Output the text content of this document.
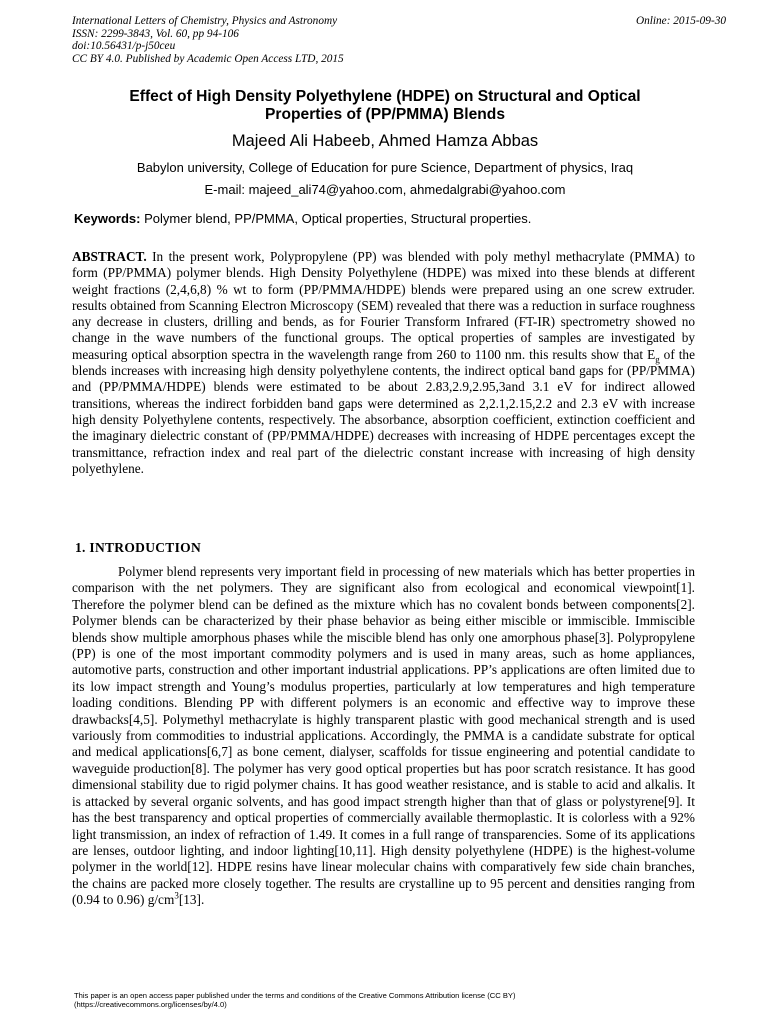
International Letters of Chemistry, Physics and Astronomy
ISSN: 2299-3843, Vol. 60, pp 94-106
doi:10.56431/p-j50ceu
CC BY 4.0. Published by Academic Open Access LTD, 2015
Online: 2015-09-30
Effect of High Density Polyethylene (HDPE) on Structural and Optical
Properties of (PP/PMMA) Blends
Majeed Ali Habeeb, Ahmed Hamza Abbas
Babylon university, College of Education for pure Science, Department of physics, Iraq
E-mail: majeed_ali74@yahoo.com, ahmedalgrabi@yahoo.com
Keywords: Polymer blend, PP/PMMA, Optical properties, Structural properties.
ABSTRACT. In the present work, Polypropylene (PP) was blended with poly methyl methacrylate (PMMA) to form (PP/PMMA) polymer blends. High Density Polyethylene (HDPE) was mixed into these blends at different weight fractions (2,4,6,8) % wt to form (PP/PMMA/HDPE) blends were prepared using an one screw extruder. results obtained from Scanning Electron Microscopy (SEM) revealed that there was a reduction in surface roughness any decrease in clusters, drilling and bends, as for Fourier Transform Infrared (FT-IR) spectrometry showed no change in the wave numbers of the functional groups. The optical properties of samples are investigated by measuring optical absorption spectra in the wavelength range from 260 to 1100 nm. this results show that $E_g$ of the blends increases with increasing high density polyethylene contents, the indirect optical band gaps for (PP/PMMA) and (PP/PMMA/HDPE) blends were estimated to be about 2.83,2.9,2.95,3and 3.1 eV for indirect allowed transitions, whereas the indirect forbidden band gaps were determined as 2,2.1,2.15,2.2 and 2.3 eV with increase high density Polyethylene contents, respectively. The absorbance, absorption coefficient, extinction coefficient and the imaginary dielectric constant of (PP/PMMA/HDPE) decreases with increasing of HDPE percentages except the transmittance, refraction index and real part of the dielectric constant increase with increasing of high density polyethylene.
1. INTRODUCTION
Polymer blend represents very important field in processing of new materials which has better properties in comparison with the net polymers. They are significant also from ecological and economical viewpoint[1]. Therefore the polymer blend can be defined as the mixture which has no covalent bonds between components[2]. Polymer blends can be characterized by their phase behavior as being either miscible or immiscible. Immiscible blends show multiple amorphous phases while the miscible blend has only one amorphous phase[3]. Polypropylene (PP) is one of the most important commodity polymers and is used in many areas, such as home appliances, automotive parts, construction and other important industrial applications. PP’s applications are often limited due to its low impact strength and Young’s modulus properties, particularly at low temperatures and high temperature loading conditions. Blending PP with different polymers is an economic and effective way to improve these drawbacks[4,5]. Polymethyl methacrylate is highly transparent plastic with good mechanical strength and is used variously from commodities to industrial applications. Accordingly, the PMMA is a candidate substrate for optical and medical applications[6,7] as bone cement, dialyser, scaffolds for tissue engineering and potential candidate to waveguide production[8]. The polymer has very good optical properties but has poor scratch resistance. It has good dimensional stability due to rigid polymer chains. It has good weather resistance, and is stable to acid and alkalis. It is attacked by several organic solvents, and has good impact strength higher than that of glass or polystyrene[9]. It has the best transparency and optical properties of commercially available thermoplastic. It is colorless with a 92% light transmission, an index of refraction of 1.49. It comes in a full range of transparencies. Some of its applications are lenses, outdoor lighting, and indoor lighting[10,11]. High density polyethylene (HDPE) is the highest-volume polymer in the world[12]. HDPE resins have linear molecular chains with comparatively few side chain branches, the chains are packed more closely together. The results are crystalline up to 95 percent and densities ranging from (0.94 to 0.96) $g/cm^3[13]$.
This paper is an open access paper published under the terms and conditions of the Creative Commons Attribution license (CC BY)
(https://creativecommons.org/licenses/by/4.0)
